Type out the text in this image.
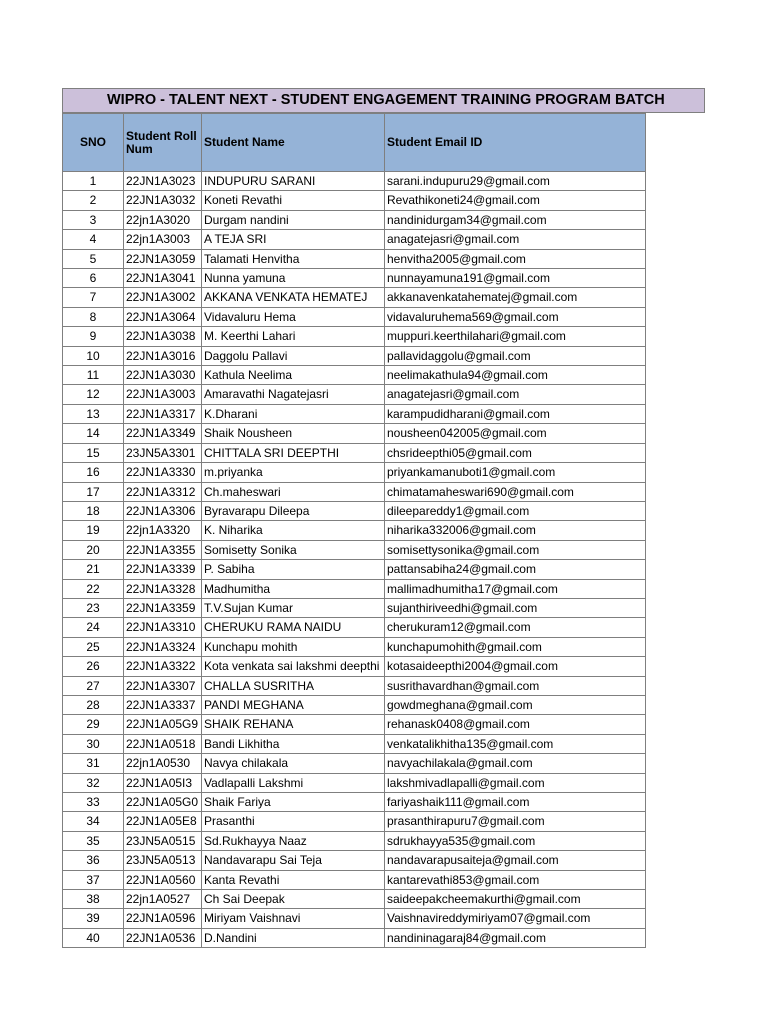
WIPRO - TALENT NEXT - STUDENT ENGAGEMENT TRAINING PROGRAM BATCH
SNO	Student Roll Num	Student Name	Student Email ID
1	22JN1A3023	INDUPURU SARANI	sarani.indupuru29@gmail.com
2	22JN1A3032	Koneti Revathi	Revathikoneti24@gmail.com
3	22jn1A3020	Durgam nandini	nandinidurgam34@gmail.com
4	22jn1A3003	A TEJA SRI	anagatejasri@gmail.com
5	22JN1A3059	Talamati Henvitha	henvitha2005@gmail.com
6	22JN1A3041	Nunna yamuna	nunnayamuna191@gmail.com
7	22JN1A3002	AKKANA VENKATA HEMATEJ	akkanavenkatahematej@gmail.com
8	22JN1A3064	Vidavaluru Hema	vidavaluruhema569@gmail.com
9	22JN1A3038	M. Keerthi Lahari	muppuri.keerthilahari@gmail.com
10	22JN1A3016	Daggolu Pallavi	pallavidaggolu@gmail.com
11	22JN1A3030	Kathula Neelima	neelimakathula94@gmail.com
12	22JN1A3003	Amaravathi Nagatejasri	anagatejasri@gmail.com
13	22JN1A3317	K.Dharani	karampudidharani@gmail.com
14	22JN1A3349	Shaik Nousheen	nousheen042005@gmail.com
15	23JN5A3301	CHITTALA SRI DEEPTHI	chsrideepthi05@gmail.com
16	22JN1A3330	m.priyanka	priyankamanuboti1@gmail.com
17	22JN1A3312	Ch.maheswari	chimatamaheswari690@gmail.com
18	22JN1A3306	Byravarapu Dileepa	dileepareddy1@gmail.com
19	22jn1A3320	K. Niharika	niharika332006@gmail.com
20	22JN1A3355	Somisetty Sonika	somisettysonika@gmail.com
21	22JN1A3339	P. Sabiha	pattansabiha24@gmail.com
22	22JN1A3328	Madhumitha	mallimadhumitha17@gmail.com
23	22JN1A3359	T.V.Sujan Kumar	sujanthiriveedhi@gmail.com
24	22JN1A3310	CHERUKU RAMA NAIDU	cherukuram12@gmail.com
25	22JN1A3324	Kunchapu mohith	kunchapumohith@gmail.com
26	22JN1A3322	Kota venkata sai lakshmi deepthi	kotasaideepthi2004@gmail.com
27	22JN1A3307	CHALLA SUSRITHA	susrithavardhan@gmail.com
28	22JN1A3337	PANDI MEGHANA	gowdmeghana@gmail.com
29	22JN1A05G9	SHAIK REHANA	rehanask0408@gmail.com
30	22JN1A0518	Bandi Likhitha	venkatalikhitha135@gmail.com
31	22jn1A0530	Navya chilakala	navyachilakala@gmail.com
32	22JN1A05I3	Vadlapalli Lakshmi	lakshmivadlapalli@gmail.com
33	22JN1A05G0	Shaik Fariya	fariyashaik111@gmail.com
34	22JN1A05E8	Prasanthi	prasanthirapuru7@gmail.com
35	23JN5A0515	Sd.Rukhayya Naaz	sdrukhayya535@gmail.com
36	23JN5A0513	Nandavarapu Sai Teja	nandavarapusaiteja@gmail.com
37	22JN1A0560	Kanta Revathi	kantarevathi853@gmail.com
38	22jn1A0527	Ch Sai Deepak	saideepakcheemakurthi@gmail.com
39	22JN1A0596	Miriyam Vaishnavi	Vaishnavireddymiriyam07@gmail.com
40	22JN1A0536	D.Nandini	nandininagaraj84@gmail.com
